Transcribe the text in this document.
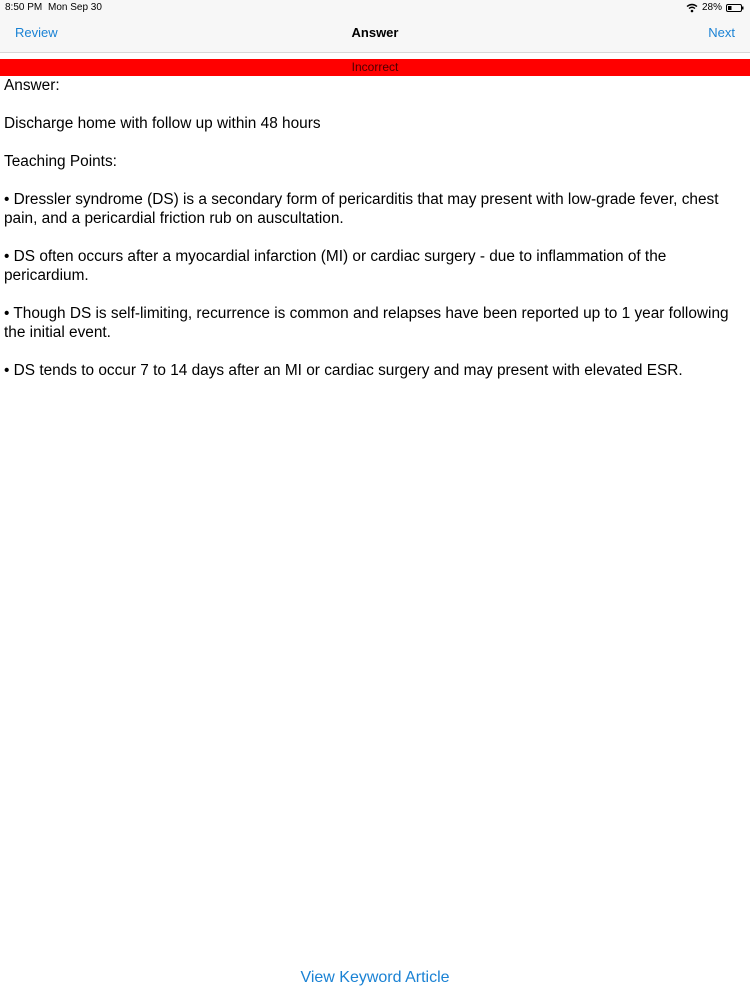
8:50 PM Mon Sep 30	28%
Review	Answer	Next
Incorrect

Answer:

Discharge home with follow up within 48 hours

Teaching Points:

• Dressler syndrome (DS) is a secondary form of pericarditis that may present with low-grade fever, chest pain, and a pericardial friction rub on auscultation.

• DS often occurs after a myocardial infarction (MI) or cardiac surgery - due to inflammation of the pericardium.

• Though DS is self-limiting, recurrence is common and relapses have been reported up to 1 year following the initial event.

• DS tends to occur 7 to 14 days after an MI or cardiac surgery and may present with elevated ESR.

View Keyword Article
